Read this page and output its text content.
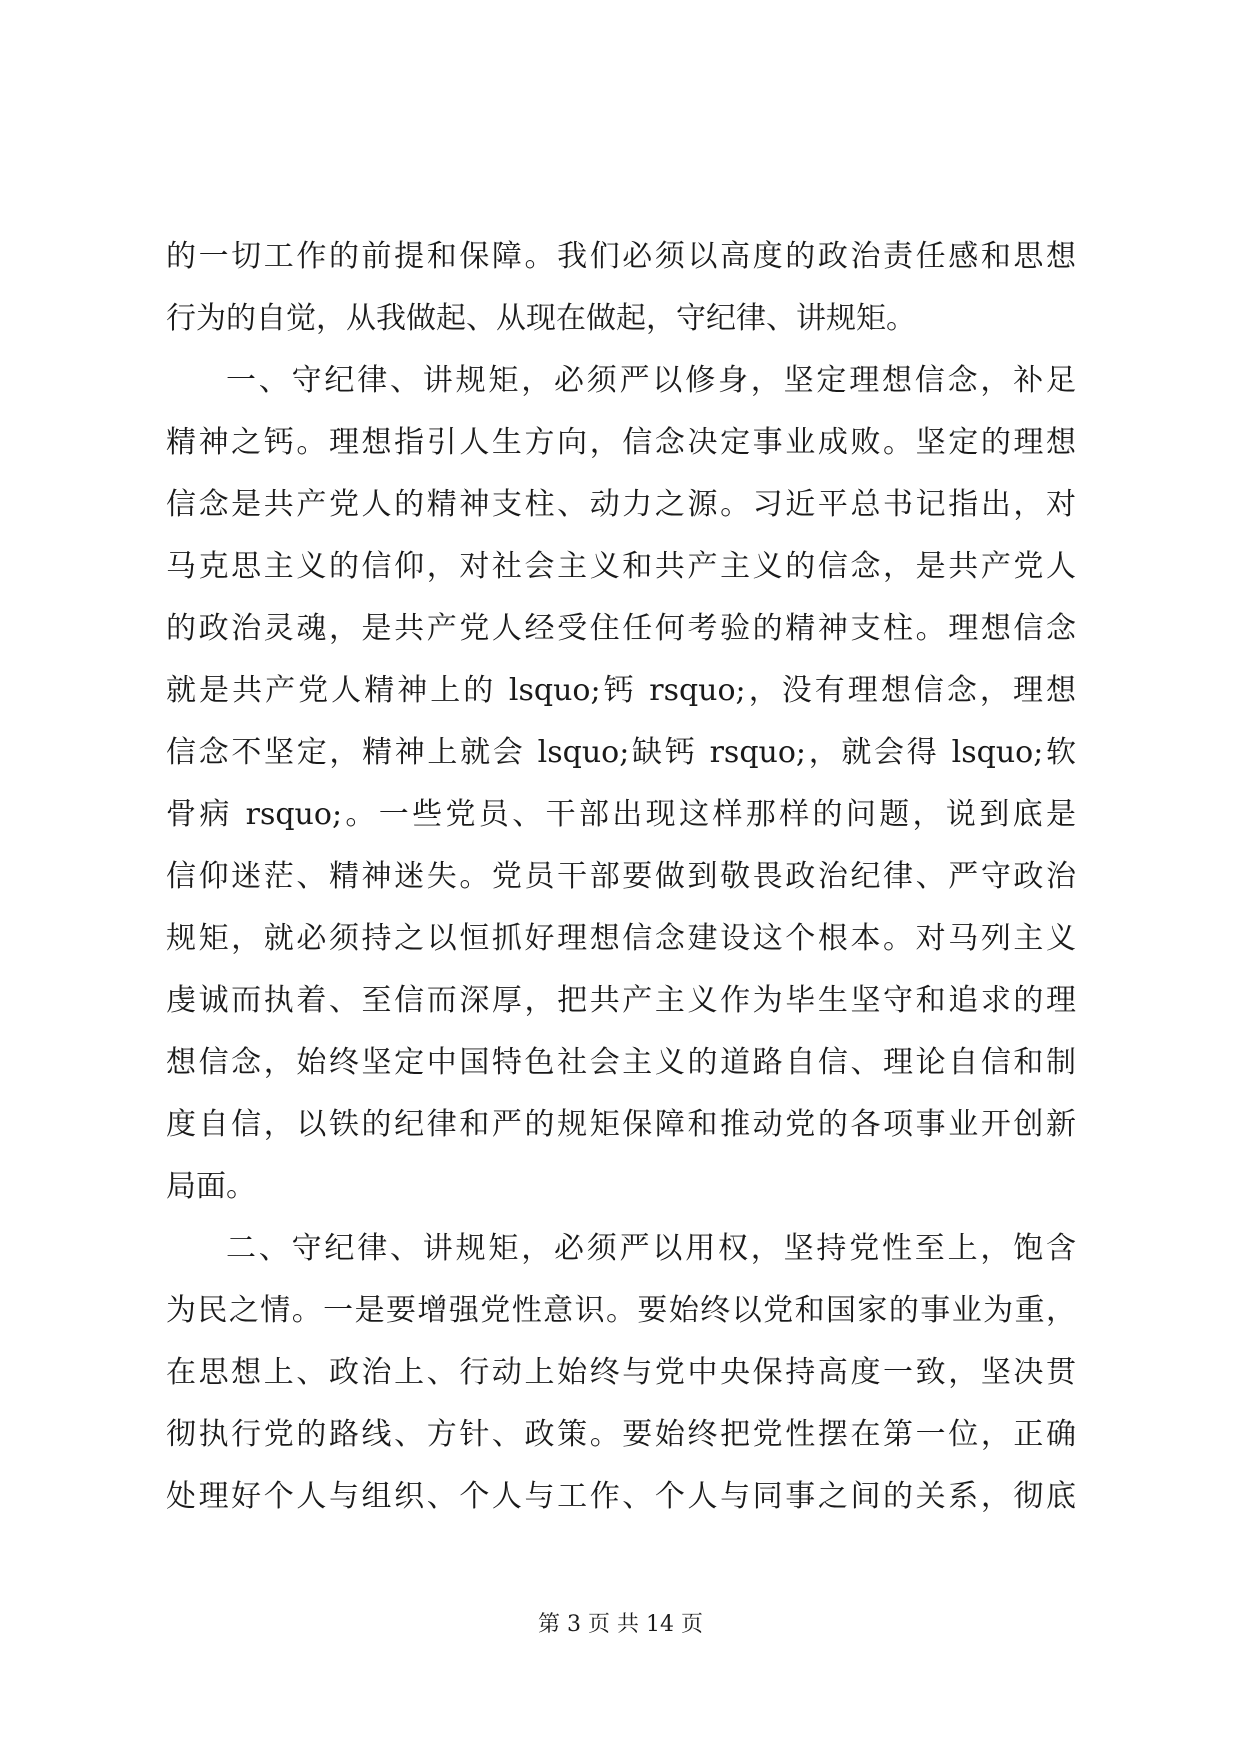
的一切工作的前提和保障。我们必须以高度的政治责任感和思想
行为的自觉，从我做起、从现在做起，守纪律、讲规矩。
一、守纪律、讲规矩，必须严以修身，坚定理想信念，补足
精神之钙。理想指引人生方向，信念决定事业成败。坚定的理想
信念是共产党人的精神支柱、动力之源。习近平总书记指出，对
马克思主义的信仰，对社会主义和共产主义的信念，是共产党人
的政治灵魂，是共产党人经受住任何考验的精神支柱。理想信念
就是共产党人精神上的 lsquo;钙 rsquo;，没有理想信念，理想
信念不坚定，精神上就会 lsquo;缺钙 rsquo;，就会得 lsquo;软
骨病 rsquo;。一些党员、干部出现这样那样的问题，说到底是
信仰迷茫、精神迷失。党员干部要做到敬畏政治纪律、严守政治
规矩，就必须持之以恒抓好理想信念建设这个根本。对马列主义
虔诚而执着、至信而深厚，把共产主义作为毕生坚守和追求的理
想信念，始终坚定中国特色社会主义的道路自信、理论自信和制
度自信，以铁的纪律和严的规矩保障和推动党的各项事业开创新
局面。
二、守纪律、讲规矩，必须严以用权，坚持党性至上，饱含
为民之情。一是要增强党性意识。要始终以党和国家的事业为重，
在思想上、政治上、行动上始终与党中央保持高度一致，坚决贯
彻执行党的路线、方针、政策。要始终把党性摆在第一位，正确
处理好个人与组织、个人与工作、个人与同事之间的关系，彻底
第 3 页 共 14 页
